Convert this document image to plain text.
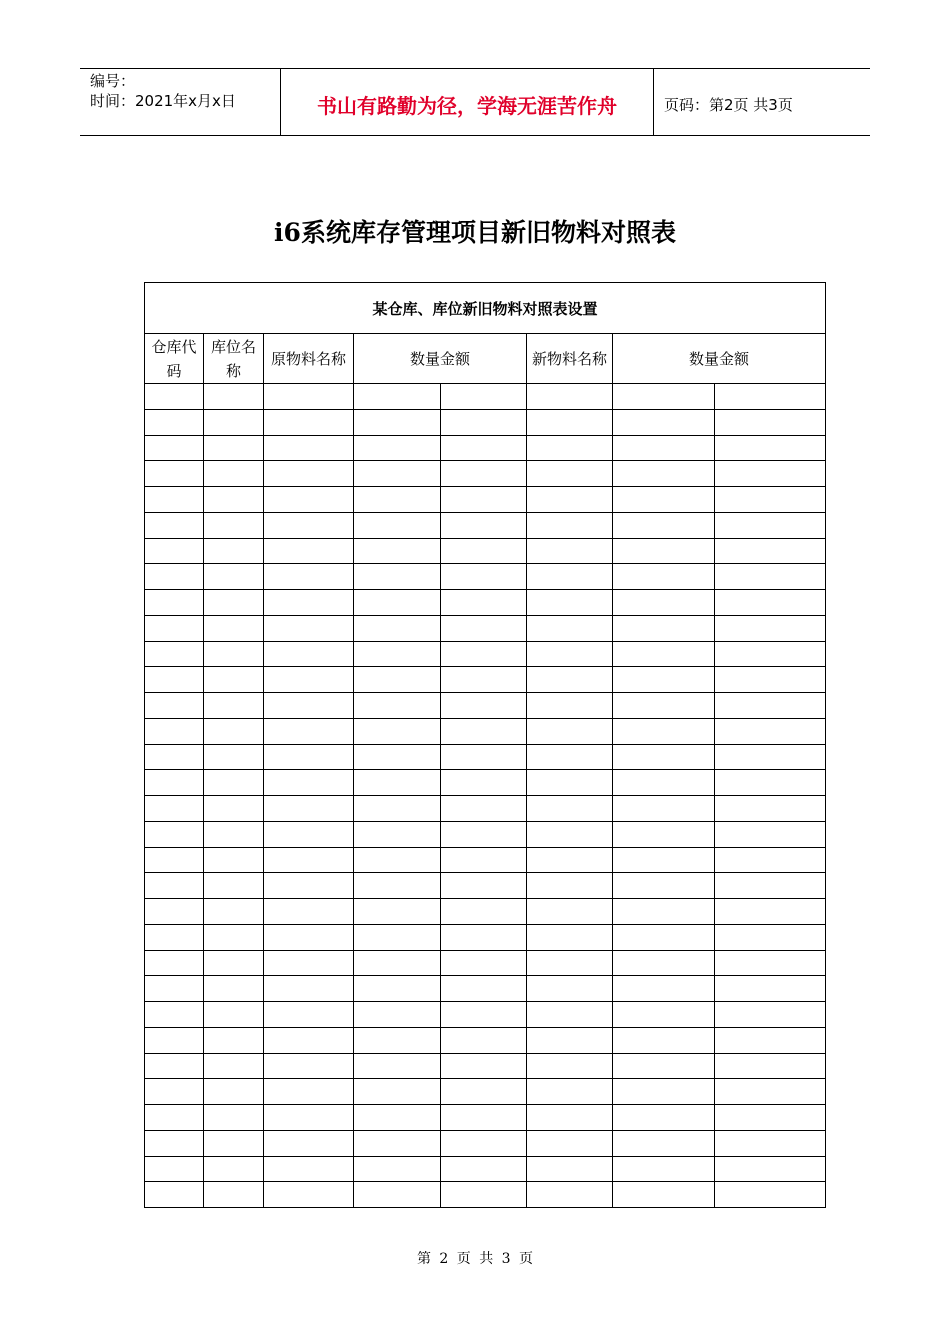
编号：
时间：2021年x月x日	书山有路勤为径，学海无涯苦作舟	页码：第2页 共3页
i6系统库存管理项目新旧物料对照表
某仓库、库位新旧物料对照表设置							
仓库代码	库位名称	原物料名称	数量金额		新物料名称	数量金额	

第 2 页 共 3 页
